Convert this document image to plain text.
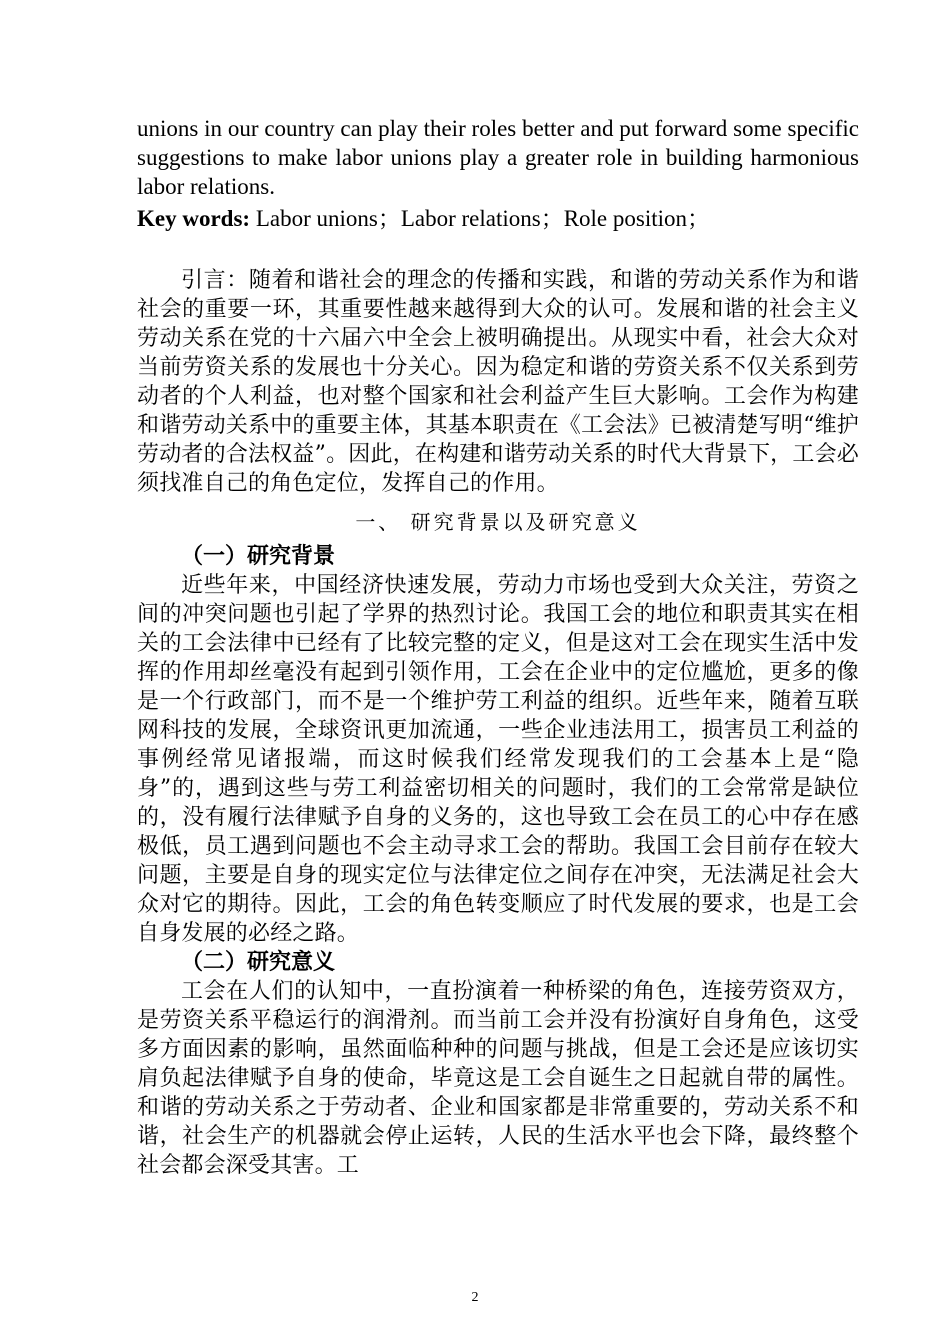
unions in our country can play their roles better and put forward some specific suggestions to make labor unions play a greater role in building harmonious labor relations.

Key words: Labor unions；Labor relations；Role position；

引言：随着和谐社会的理念的传播和实践，和谐的劳动关系作为和谐社会的重要一环，其重要性越来越得到大众的认可。发展和谐的社会主义劳动关系在党的十六届六中全会上被明确提出。从现实中看，社会大众对当前劳资关系的发展也十分关心。因为稳定和谐的劳资关系不仅关系到劳动者的个人利益，也对整个国家和社会利益产生巨大影响。工会作为构建和谐劳动关系中的重要主体，其基本职责在《工会法》已被清楚写明“维护劳动者的合法权益”。因此，在构建和谐劳动关系的时代大背景下，工会必须找准自己的角色定位，发挥自己的作用。

一、 研究背景以及研究意义
（一）研究背景

近些年来，中国经济快速发展，劳动力市场也受到大众关注，劳资之间的冲突问题也引起了学界的热烈讨论。我国工会的地位和职责其实在相关的工会法律中已经有了比较完整的定义，但是这对工会在现实生活中发挥的作用却丝毫没有起到引领作用，工会在企业中的定位尴尬，更多的像是一个行政部门，而不是一个维护劳工利益的组织。近些年来，随着互联网科技的发展，全球资讯更加流通，一些企业违法用工，损害员工利益的事例经常见诸报端，而这时候我们经常发现我们的工会基本上是“隐身”的，遇到这些与劳工利益密切相关的问题时，我们的工会常常是缺位的，没有履行法律赋予自身的义务的，这也导致工会在员工的心中存在感极低，员工遇到问题也不会主动寻求工会的帮助。我国工会目前存在较大问题，主要是自身的现实定位与法律定位之间存在冲突，无法满足社会大众对它的期待。因此，工会的角色转变顺应了时代发展的要求，也是工会自身发展的必经之路。

（二）研究意义

工会在人们的认知中，一直扮演着一种桥梁的角色，连接劳资双方，是劳资关系平稳运行的润滑剂。而当前工会并没有扮演好自身角色，这受多方面因素的影响，虽然面临种种的问题与挑战，但是工会还是应该切实肩负起法律赋予自身的使命，毕竟这是工会自诞生之日起就自带的属性。和谐的劳动关系之于劳动者、企业和国家都是非常重要的，劳动关系不和谐，社会生产的机器就会停止运转，人民的生活水平也会下降，最终整个社会都会深受其害。工

2
